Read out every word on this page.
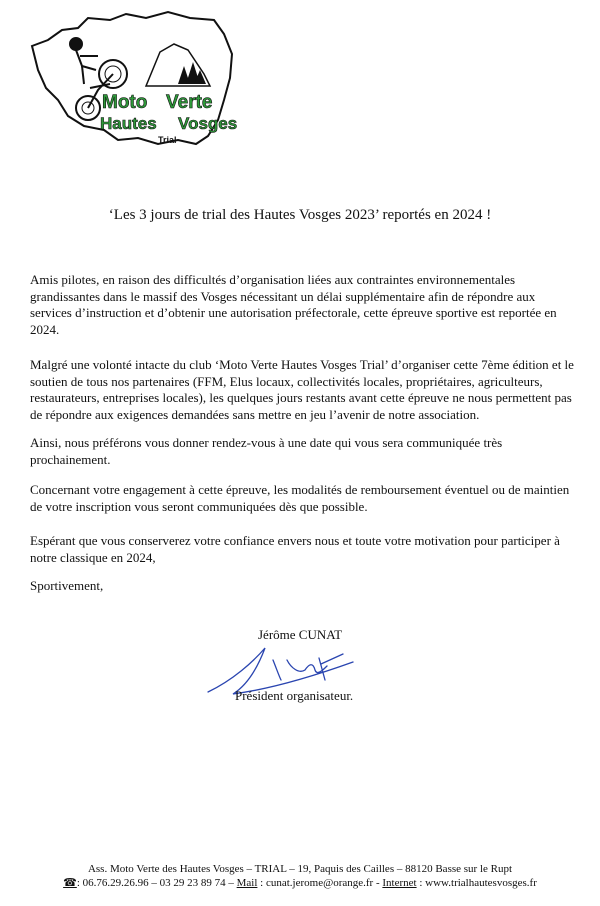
Moto Verte
Hautes Vosges
Trial
‘Les 3 jours de trial des Hautes Vosges 2023’ reportés en 2024 !
Amis pilotes, en raison des difficultés d’organisation liées aux contraintes environnementales grandissantes dans le massif des Vosges nécessitant un délai supplémentaire afin de répondre aux services d’instruction et d’obtenir une autorisation préfectorale, cette épreuve sportive est reportée en 2024.
Malgré une volonté intacte du club ‘Moto Verte Hautes Vosges Trial’ d’organiser cette 7ème édition et le soutien de tous nos partenaires (FFM, Elus locaux, collectivités locales, propriétaires, agriculteurs, restaurateurs, entreprises locales), les quelques jours restants avant cette épreuve ne nous permettent pas de répondre aux exigences demandées sans mettre en jeu l’avenir de notre association.
Ainsi, nous préférons vous donner rendez-vous à une date qui vous sera communiquée très prochainement.
Concernant votre engagement à cette épreuve, les modalités de remboursement éventuel ou de maintien de votre inscription vous seront communiquées dès que possible.
Espérant que vous conserverez votre confiance envers nous et toute votre motivation pour participer à notre classique en 2024,
Sportivement,
Jérôme CUNAT
Président organisateur.
Ass. Moto Verte des Hautes Vosges – TRIAL – 19, Paquis des Cailles – 88120 Basse sur le Rupt
☎: 06.76.29.26.96 – 03 29 23 89 74 – Mail : cunat.jerome@orange.fr - Internet : www.trialhautesvosges.fr
